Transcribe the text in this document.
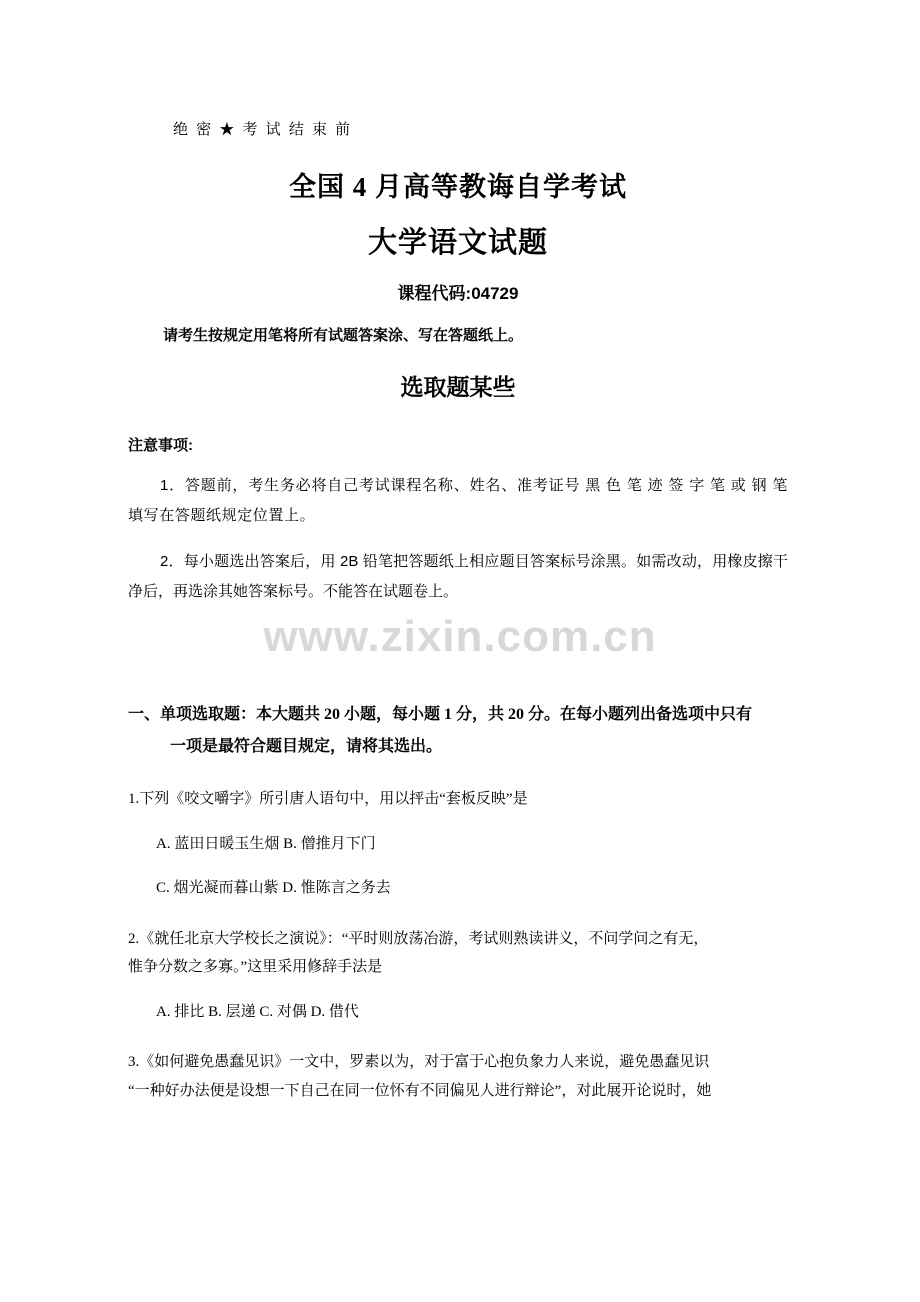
绝 密 ★ 考 试 结 束 前
全国 4 月高等教诲自学考试
大学语文试题
课程代码:04729
请考生按规定用笔将所有试题答案涂、写在答题纸上。
选取题某些
注意事项:
1．答题前，考生务必将自己考试课程名称、姓名、准考证号 黑 色 笔 迹 签 字 笔 或 钢 笔 填写在答题纸规定位置上。
2．每小题选出答案后，用 2B 铅笔把答题纸上相应题目答案标号涂黑。如需改动，用橡皮擦干净后，再选涂其她答案标号。不能答在试题卷上。
一、单项选取题：本大题共 20 小题，每小题 1 分，共 20 分。在每小题列出备选项中只有
一项是最符合题目规定，请将其选出。
1.下列《咬文嚼字》所引唐人语句中，用以抨击“套板反映”是
A. 蓝田日暖玉生烟 B. 僧推月下门
C. 烟光凝而暮山紫 D. 惟陈言之务去
2.《就任北京大学校长之演说》：“平时则放荡冶游，考试则熟读讲义，不问学问之有无，
惟争分数之多寡。”这里采用修辞手法是
A. 排比 B. 层递 C. 对偶 D. 借代
3.《如何避免愚蠢见识》一文中，罗素以为，对于富于心抱负象力人来说，避免愚蠢见识
“一种好办法便是设想一下自己在同一位怀有不同偏见人进行辩论”，对此展开论说时，她
www.zixin.com.cn
